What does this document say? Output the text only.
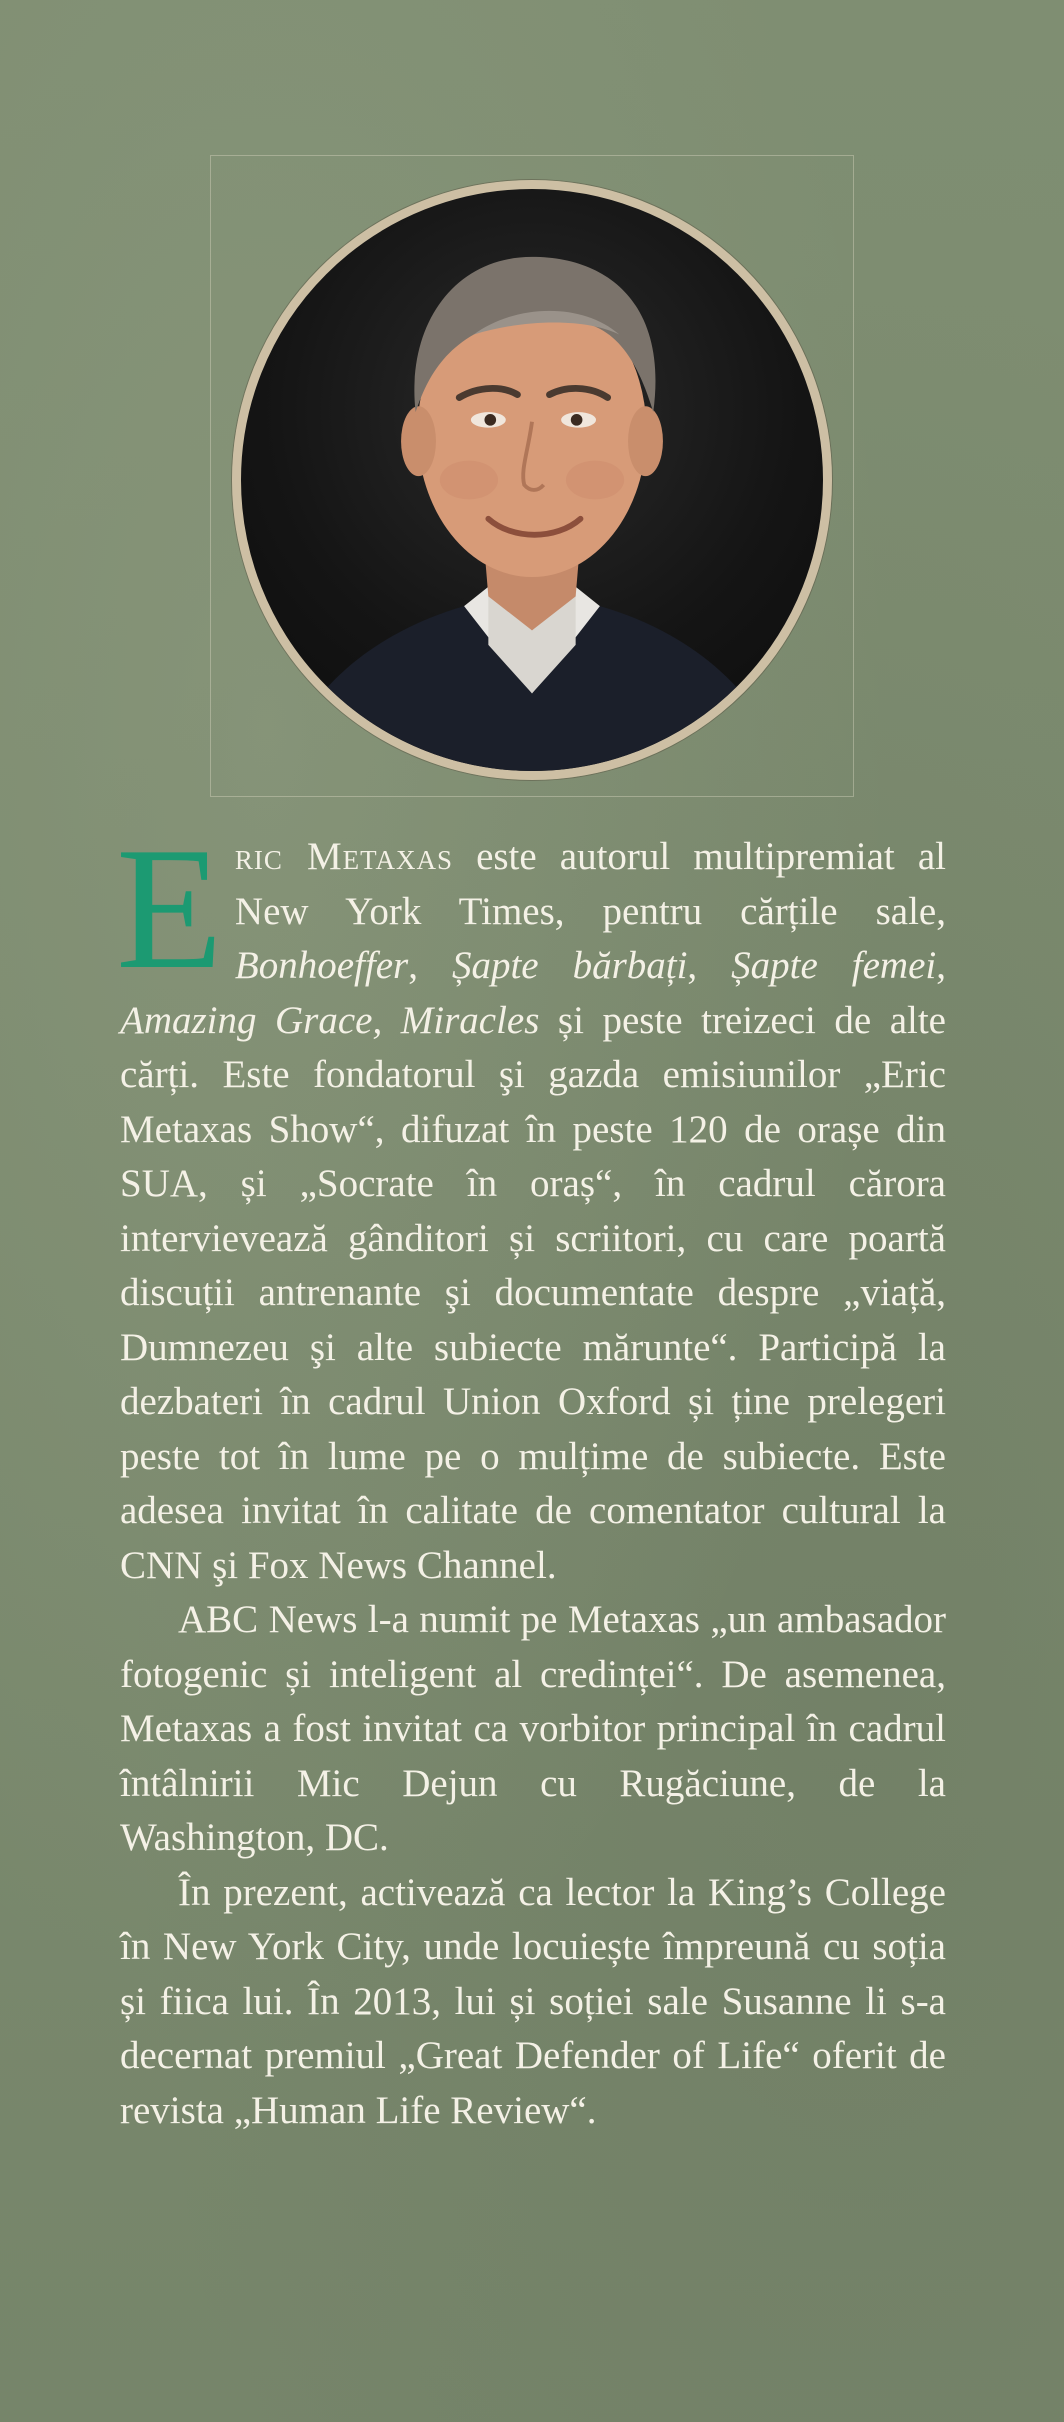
Eric Metaxas este autorul multipremiat al New York Times, pentru cărțile sale, Bonhoeffer, Șapte bărbați, Șapte femei, Amazing Grace, Miracles și peste treizeci de alte cărți. Este fondatorul şi gazda emisiunilor „Eric Metaxas Show“, difuzat în peste 120 de orașe din SUA, și „Socrate în oraș“, în cadrul cărora intervievează gânditori și scriitori, cu care poartă discuții antrenante şi documentate despre „viață, Dumnezeu şi alte subiecte mărunte“. Participă la dezbateri în cadrul Union Oxford și ține prelegeri peste tot în lume pe o mulțime de subiecte. Este adesea invitat în calitate de comentator cultural la CNN şi Fox News Channel.

ABC News l-a numit pe Metaxas „un ambasador fotogenic și inteligent al credinței“. De asemenea, Metaxas a fost invitat ca vorbitor principal în cadrul întâlnirii Mic Dejun cu Rugăciune, de la Washington, DC.

În prezent, activează ca lector la King’s College în New York City, unde locuiește împreună cu soția și fiica lui. În 2013, lui și soției sale Susanne li s-a decernat premiul „Great Defender of Life“ oferit de revista „Human Life Review“.
